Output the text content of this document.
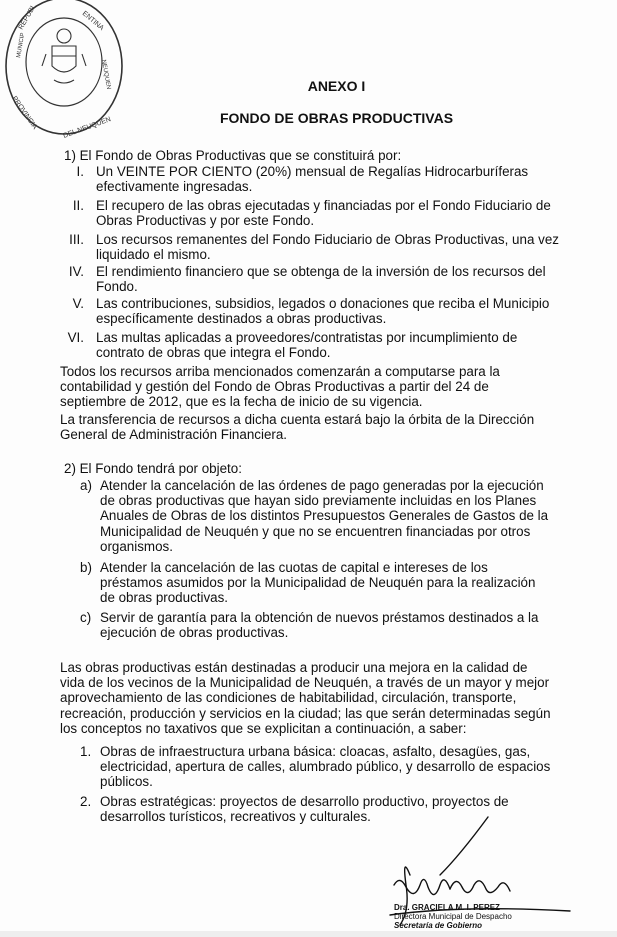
REPUBL	ENTINA
PROVINCIA	DEL NEUQUEN
MUNICIP
NEUQUEN	ANEXO I
FONDO DE OBRAS PRODUCTIVAS
1) El Fondo de Obras Productivas que se constituirá por:
I. Un VEINTE POR CIENTO (20%) mensual de Regalías Hidrocarburíferas
efectivamente ingresadas.
II. El recupero de las obras ejecutadas y financiadas por el Fondo Fiduciario de
Obras Productivas y por este Fondo.
III. Los recursos remanentes del Fondo Fiduciario de Obras Productivas, una vez
liquidado el mismo.
IV. El rendimiento financiero que se obtenga de la inversión de los recursos del
Fondo.
V. Las contribuciones, subsidios, legados o donaciones que reciba el Municipio
específicamente destinados a obras productivas.
VI. Las multas aplicadas a proveedores/contratistas por incumplimiento de
contrato de obras que integra el Fondo.
Todos los recursos arriba mencionados comenzarán a computarse para la
contabilidad y gestión del Fondo de Obras Productivas a partir del 24 de
septiembre de 2012, que es la fecha de inicio de su vigencia.
La transferencia de recursos a dicha cuenta estará bajo la órbita de la Dirección
General de Administración Financiera.
2) El Fondo tendrá por objeto:
a) Atender la cancelación de las órdenes de pago generadas por la ejecución
de obras productivas que hayan sido previamente incluidas en los Planes
Anuales de Obras de los distintos Presupuestos Generales de Gastos de la
Municipalidad de Neuquén y que no se encuentren financiadas por otros
organismos.
b) Atender la cancelación de las cuotas de capital e intereses de los
préstamos asumidos por la Municipalidad de Neuquén para la realización
de obras productivas.
c) Servir de garantía para la obtención de nuevos préstamos destinados a la
ejecución de obras productivas.
Las obras productivas están destinadas a producir una mejora en la calidad de
vida de los vecinos de la Municipalidad de Neuquén, a través de un mayor y mejor
aprovechamiento de las condiciones de habitabilidad, circulación, transporte,
recreación, producción y servicios en la ciudad; las que serán determinadas según
los conceptos no taxativos que se explicitan a continuación, a saber:
1. Obras de infraestructura urbana básica: cloacas, asfalto, desagües, gas,
electricidad, apertura de calles, alumbrado público, y desarrollo de espacios
públicos.
2. Obras estratégicas: proyectos de desarrollo productivo, proyectos de
desarrollos turísticos, recreativos y culturales.
Dra. GRACIELA M. I. PEREZ
Directora Municipal de Despacho
Secretaría de Gobierno
